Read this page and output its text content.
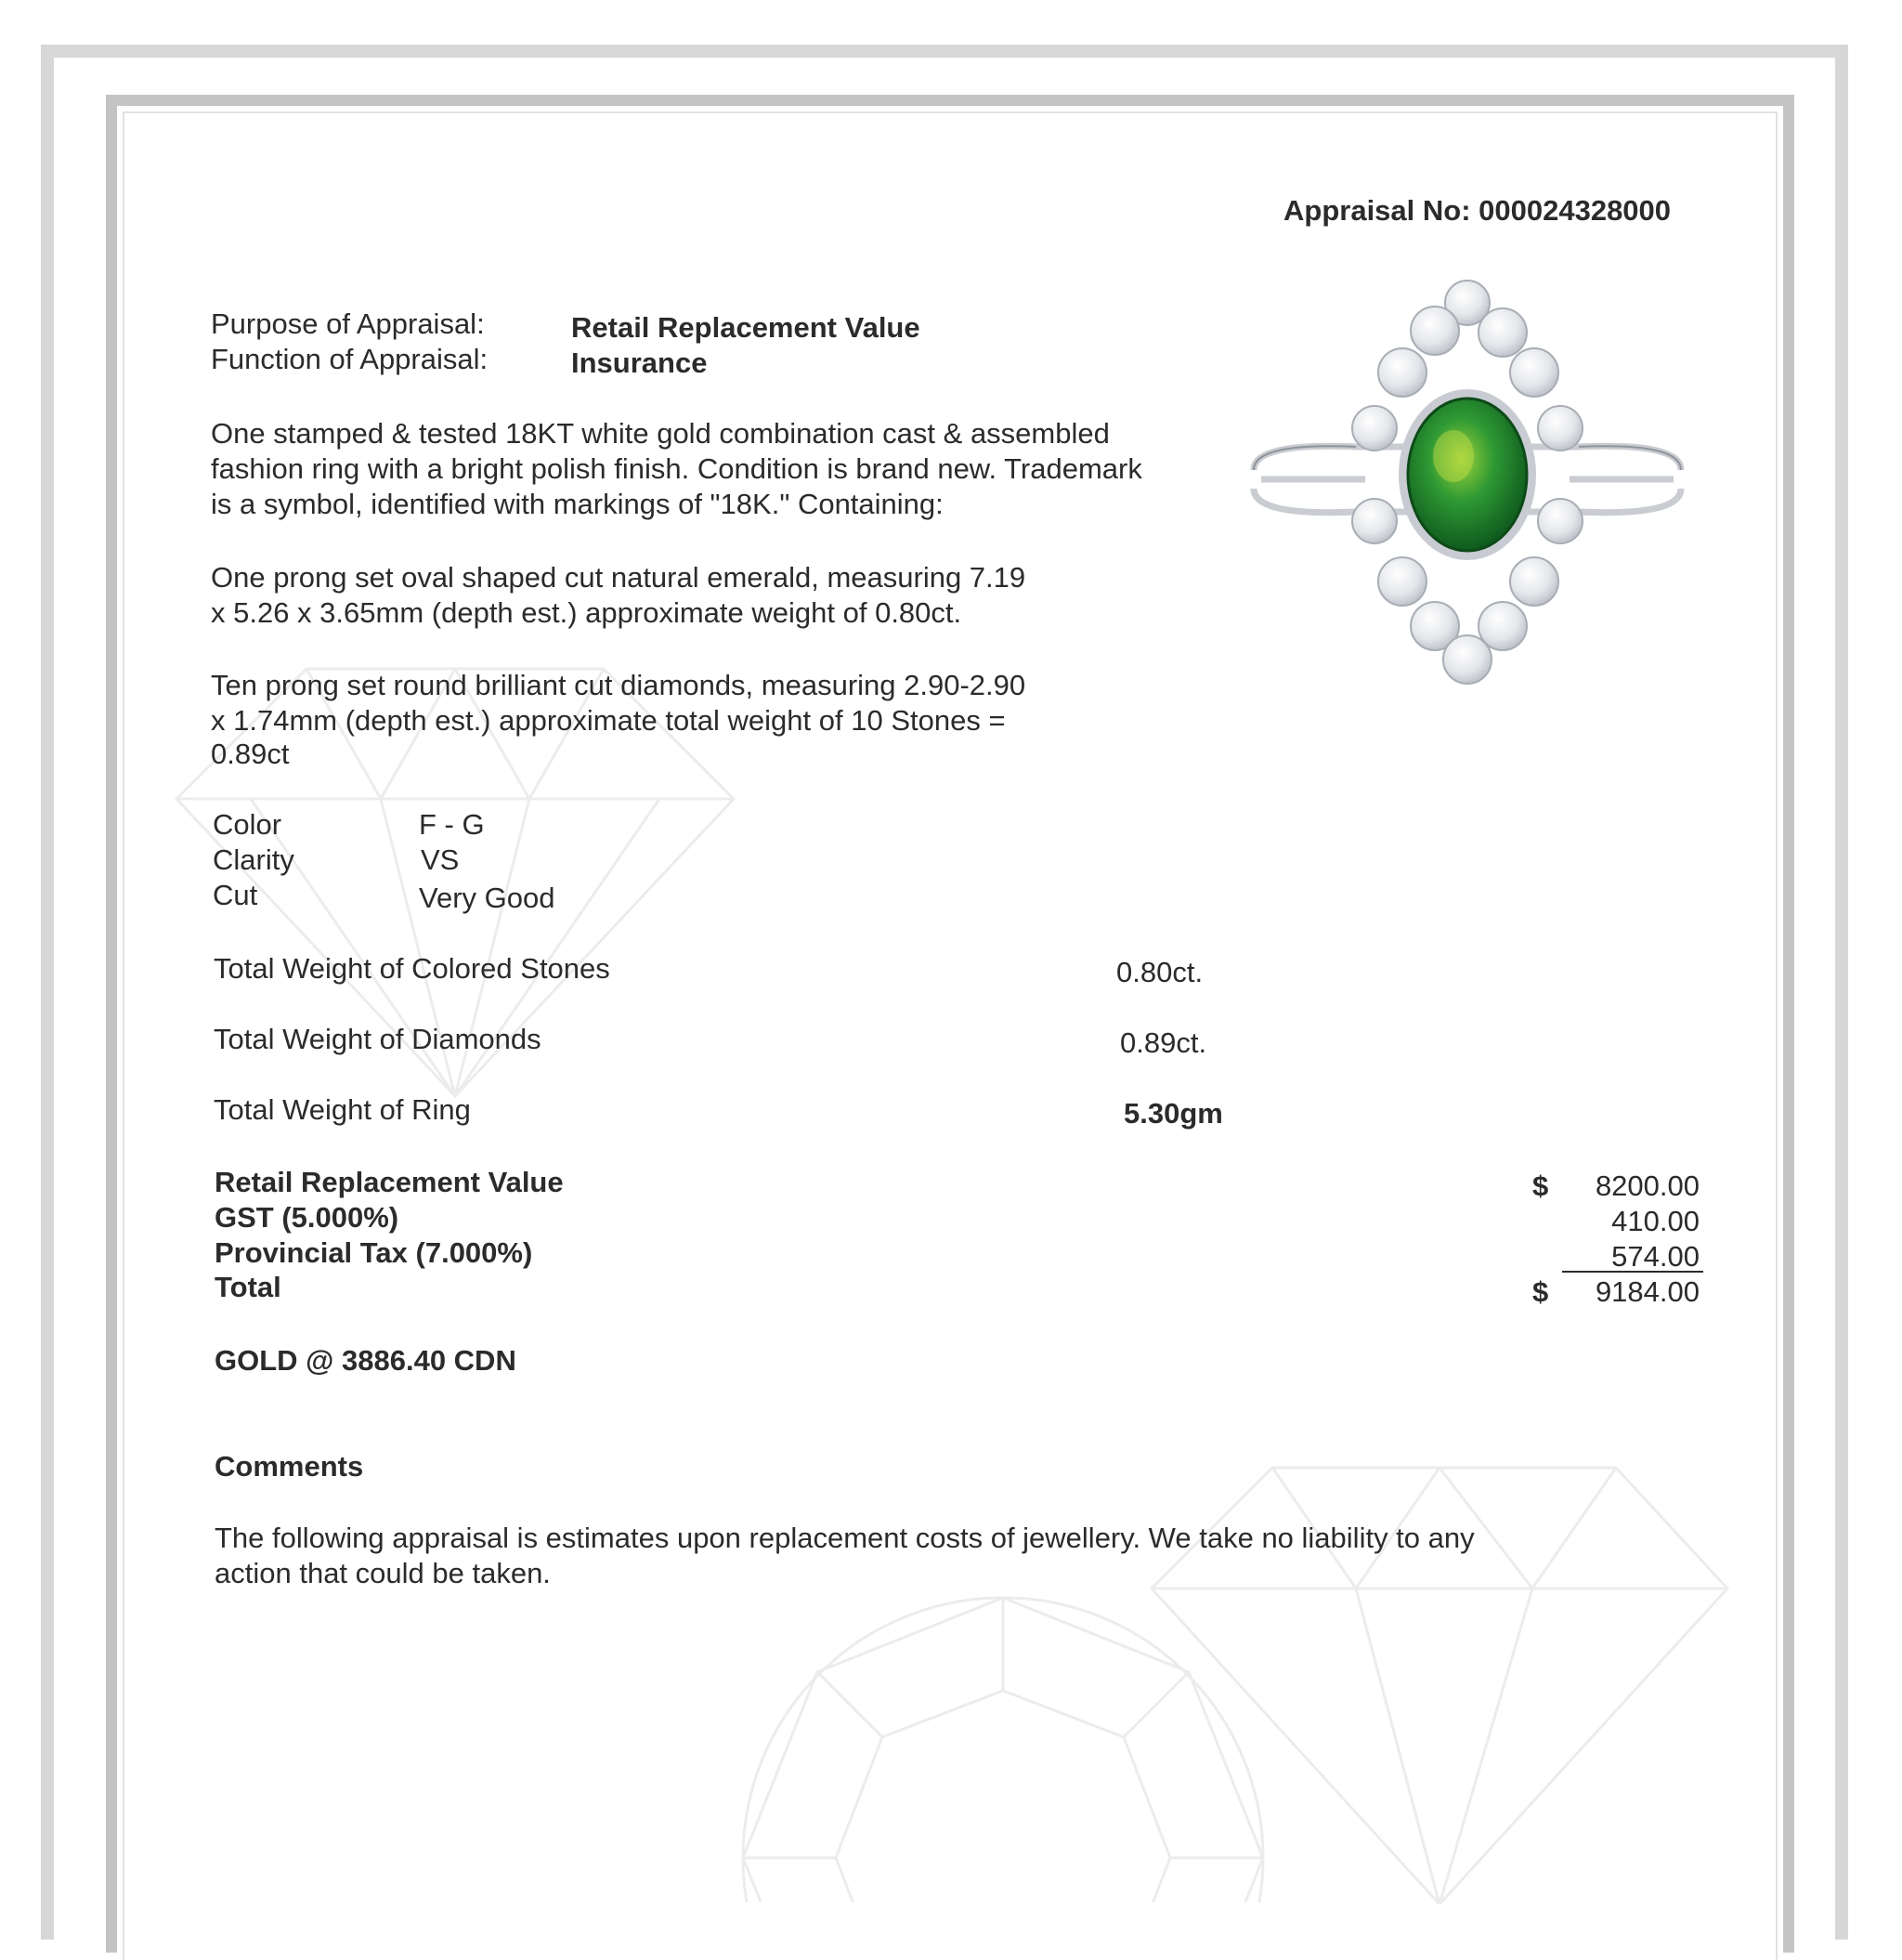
Appraisal No: 000024328000
Purpose of Appraisal:	Retail Replacement Value
Function of Appraisal:	Insurance
One stamped & tested 18KT white gold combination cast & assembled
fashion ring with a bright polish finish. Condition is brand new. Trademark
is a symbol, identified with markings of "18K." Containing:
One prong set oval shaped cut natural emerald, measuring 7.19
x 5.26 x 3.65mm (depth est.) approximate weight of 0.80ct.
Ten prong set round brilliant cut diamonds, measuring 2.90-2.90
x 1.74mm (depth est.) approximate total weight of 10 Stones =
0.89ct
Color	F - G
Clarity	VS
Cut	Very Good
Total Weight of Colored Stones	0.80ct.
Total Weight of Diamonds	0.89ct.
Total Weight of Ring	5.30gm
Retail Replacement Value	$ 8200.00
GST (5.000%)	410.00
Provincial Tax (7.000%)	574.00
Total	$ 9184.00
GOLD @ 3886.40 CDN
Comments
The following appraisal is estimates upon replacement costs of jewellery. We take no liability to any
action that could be taken.
